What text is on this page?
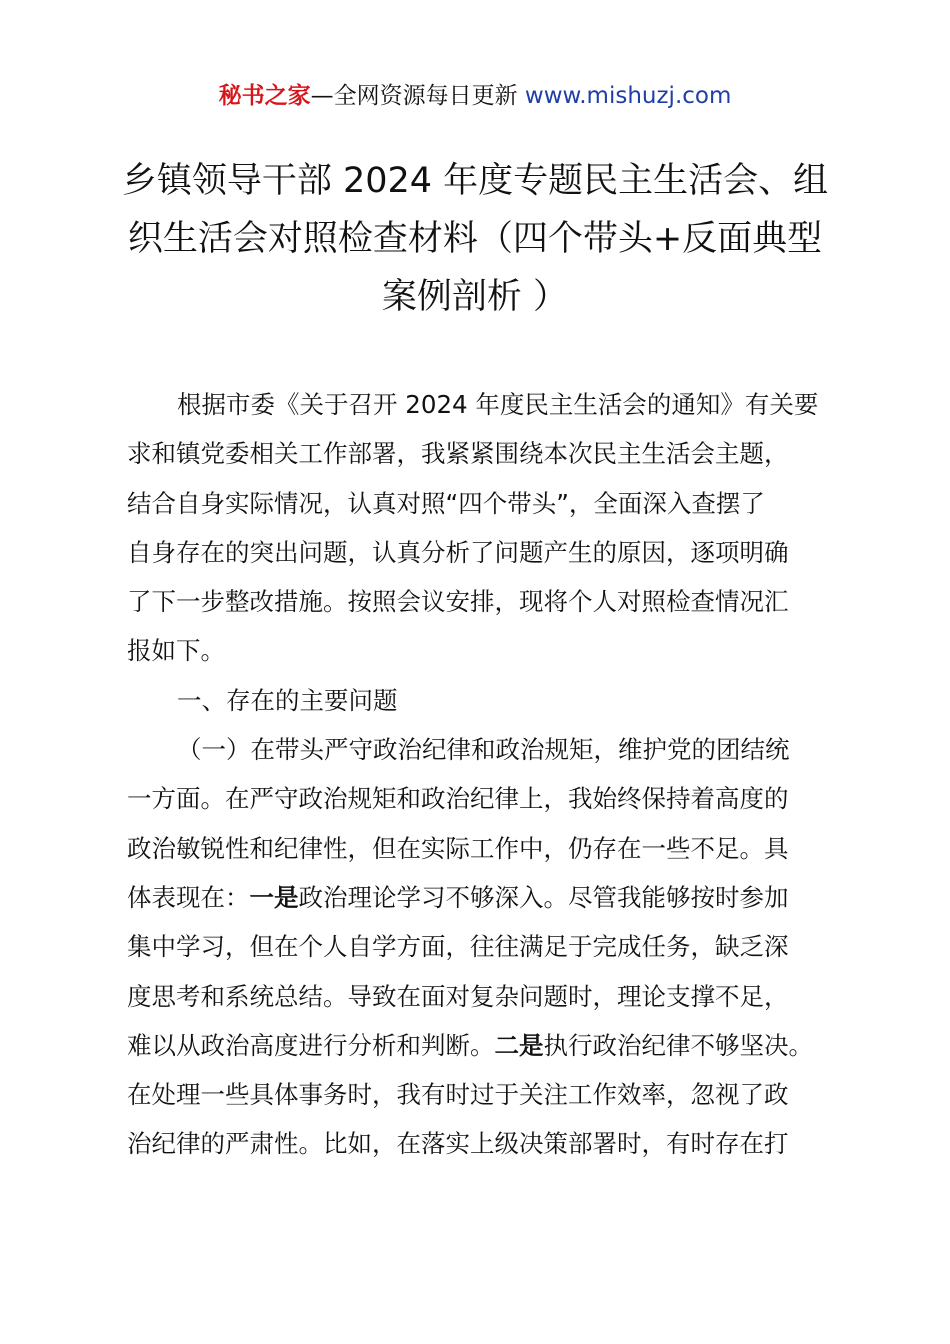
秘书之家—全网资源每日更新 www.mishuzj.com
乡镇领导干部 2024 年度专题民主生活会、组
织生活会对照检查材料（四个带头+反面典型
案例剖析 ）
根据市委《关于召开 2024 年度民主生活会的通知》有关要
求和镇党委相关工作部署，我紧紧围绕本次民主生活会主题，
结合自身实际情况，认真对照“四个带头”，全面深入查摆了
自身存在的突出问题，认真分析了问题产生的原因，逐项明确
了下一步整改措施。按照会议安排，现将个人对照检查情况汇
报如下。
一、存在的主要问题
（一）在带头严守政治纪律和政治规矩，维护党的团结统
一方面。在严守政治规矩和政治纪律上，我始终保持着高度的
政治敏锐性和纪律性，但在实际工作中，仍存在一些不足。具
体表现在：一是政治理论学习不够深入。尽管我能够按时参加
集中学习，但在个人自学方面，往往满足于完成任务，缺乏深
度思考和系统总结。导致在面对复杂问题时，理论支撑不足，
难以从政治高度进行分析和判断。二是执行政治纪律不够坚决。
在处理一些具体事务时，我有时过于关注工作效率，忽视了政
治纪律的严肃性。比如，在落实上级决策部署时，有时存在打
